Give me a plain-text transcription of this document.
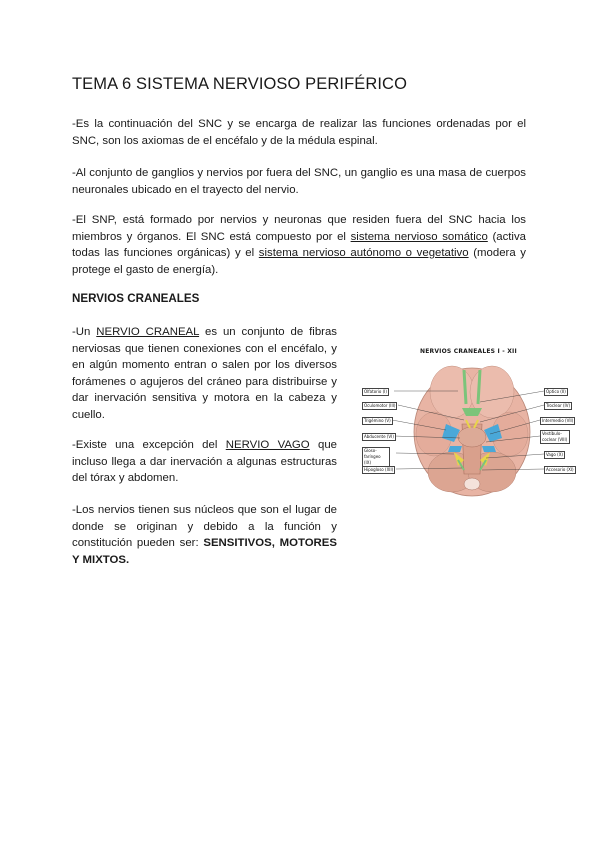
TEMA 6 SISTEMA NERVIOSO PERIFÉRICO

-Es la continuación del SNC y se encarga de realizar las funciones ordenadas por el SNC, son los axiomas de el encéfalo y de la médula espinal.

-Al conjunto de ganglios y nervios por fuera del SNC, un ganglio es una masa de cuerpos neuronales ubicado en el trayecto del nervio.

-El SNP, está formado por nervios y neuronas que residen fuera del SNC hacia los miembros y órganos. El SNC está compuesto por el sistema nervioso somático (activa todas las funciones orgánicas) y el sistema nervioso autónomo o vegetativo (modera y protege el gasto de energía).

NERVIOS CRANEALES

-Un NERVIO CRANEAL es un conjunto de fibras nerviosas que tienen conexiones con el encéfalo, y en algún momento entran o salen por los diversos forámenes o agujeros del cráneo para distribuirse y dar inervación sensitiva y motora en la cabeza y cuello.

-Existe una excepción del NERVIO VAGO que incluso llega a dar inervación a algunas estructuras del tórax y abdomen.

-Los nervios tienen sus núcleos que son el lugar de donde se originan y debido a la función y constitución pueden ser: SENSITIVOS, MOTORES Y MIXTOS.

NERVIOS CRANEALES I - XII
Olfatorio (I)
Oculomotor (III)
Trigémino (V)
Abducente (VI)
Gloso-faríngeo (IX)
Hipogloso (XII)
Óptico (II)
Troclear (IV)
Intermedio (VII)
Vestíbulo-coclear (VIII)
Vago (X)
Accesorio (XI)
